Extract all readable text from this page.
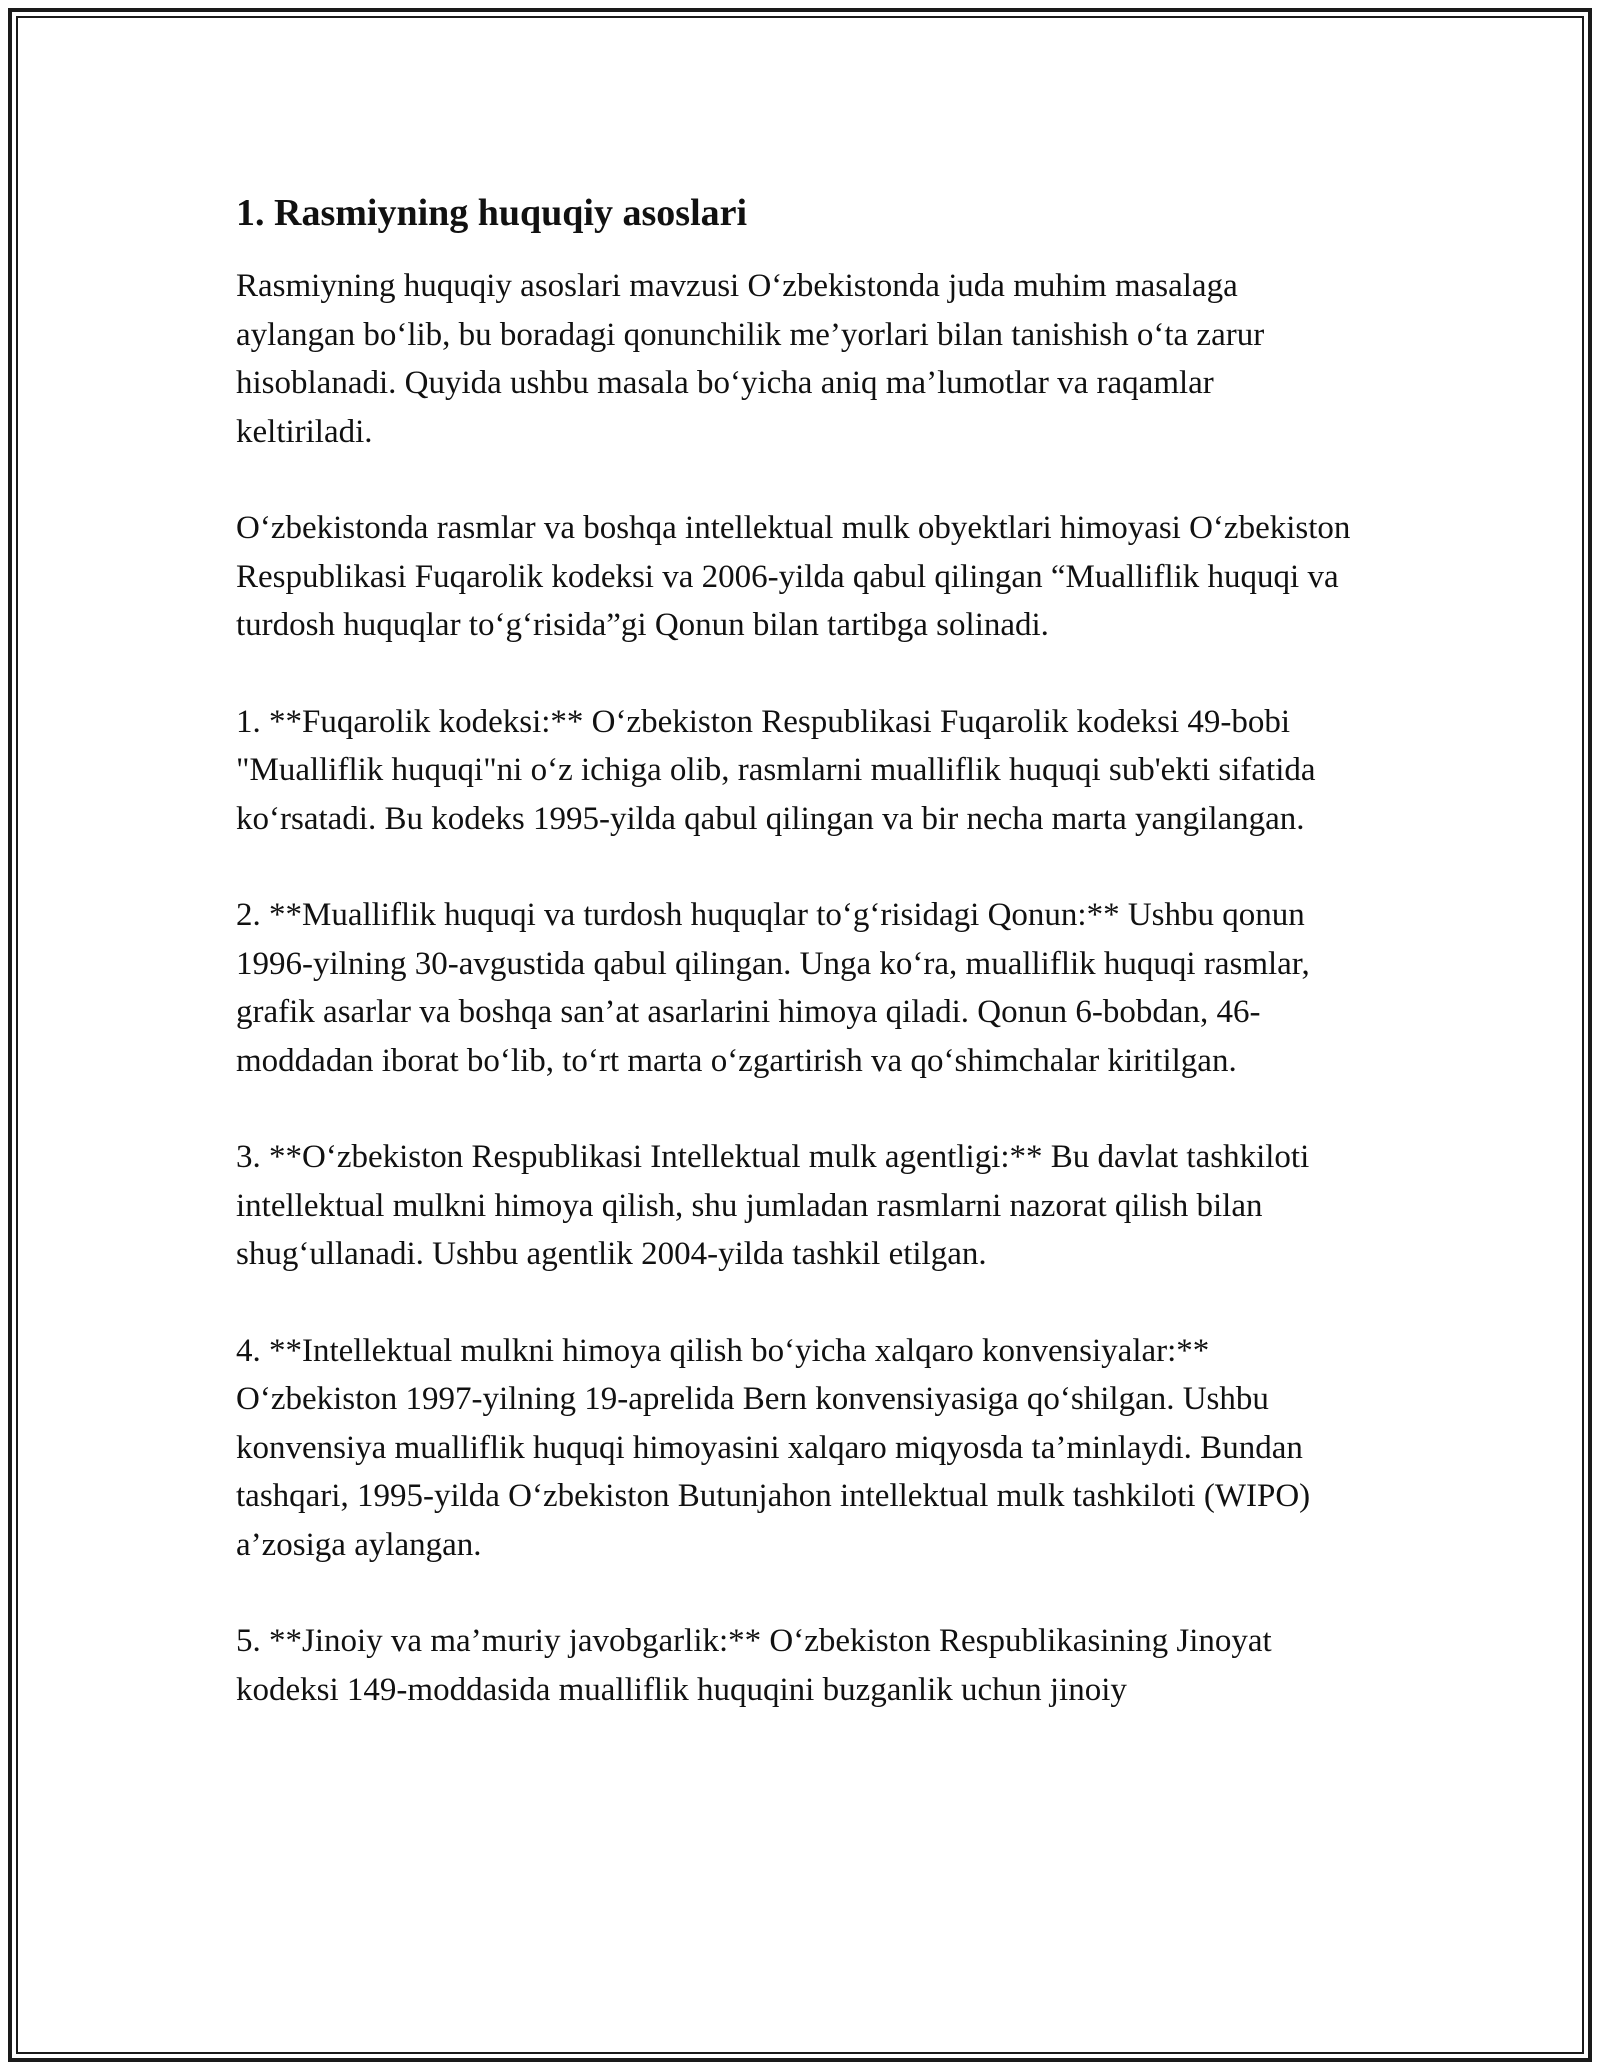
1. Rasmiyning huquqiy asoslari

Rasmiyning huquqiy asoslari mavzusi O‘zbekistonda juda muhim masalaga aylangan bo‘lib, bu boradagi qonunchilik me’yorlari bilan tanishish o‘ta zarur hisoblanadi. Quyida ushbu masala bo‘yicha aniq ma’lumotlar va raqamlar keltiriladi.

O‘zbekistonda rasmlar va boshqa intellektual mulk obyektlari himoyasi O‘zbekiston Respublikasi Fuqarolik kodeksi va 2006-yilda qabul qilingan “Mualliflik huquqi va turdosh huquqlar to‘g‘risida”gi Qonun bilan tartibga solinadi.

1. **Fuqarolik kodeksi:** O‘zbekiston Respublikasi Fuqarolik kodeksi 49-bobi "Mualliflik huquqi"ni o‘z ichiga olib, rasmlarni mualliflik huquqi sub'ekti sifatida ko‘rsatadi. Bu kodeks 1995-yilda qabul qilingan va bir necha marta yangilangan.

2. **Mualliflik huquqi va turdosh huquqlar to‘g‘risidagi Qonun:** Ushbu qonun 1996-yilning 30-avgustida qabul qilingan. Unga ko‘ra, mualliflik huquqi rasmlar, grafik asarlar va boshqa san’at asarlarini himoya qiladi. Qonun 6-bobdan, 46-moddadan iborat bo‘lib, to‘rt marta o‘zgartirish va qo‘shimchalar kiritilgan.

3. **O‘zbekiston Respublikasi Intellektual mulk agentligi:** Bu davlat tashkiloti intellektual mulkni himoya qilish, shu jumladan rasmlarni nazorat qilish bilan shug‘ullanadi. Ushbu agentlik 2004-yilda tashkil etilgan.

4. **Intellektual mulkni himoya qilish bo‘yicha xalqaro konvensiyalar:** O‘zbekiston 1997-yilning 19-aprelida Bern konvensiyasiga qo‘shilgan. Ushbu konvensiya mualliflik huquqi himoyasini xalqaro miqyosda ta’minlaydi. Bundan tashqari, 1995-yilda O‘zbekiston Butunjahon intellektual mulk tashkiloti (WIPO) a’zosiga aylangan.

5. **Jinoiy va ma’muriy javobgarlik:** O‘zbekiston Respublikasining Jinoyat kodeksi 149-moddasida mualliflik huquqini buzganlik uchun jinoiy
